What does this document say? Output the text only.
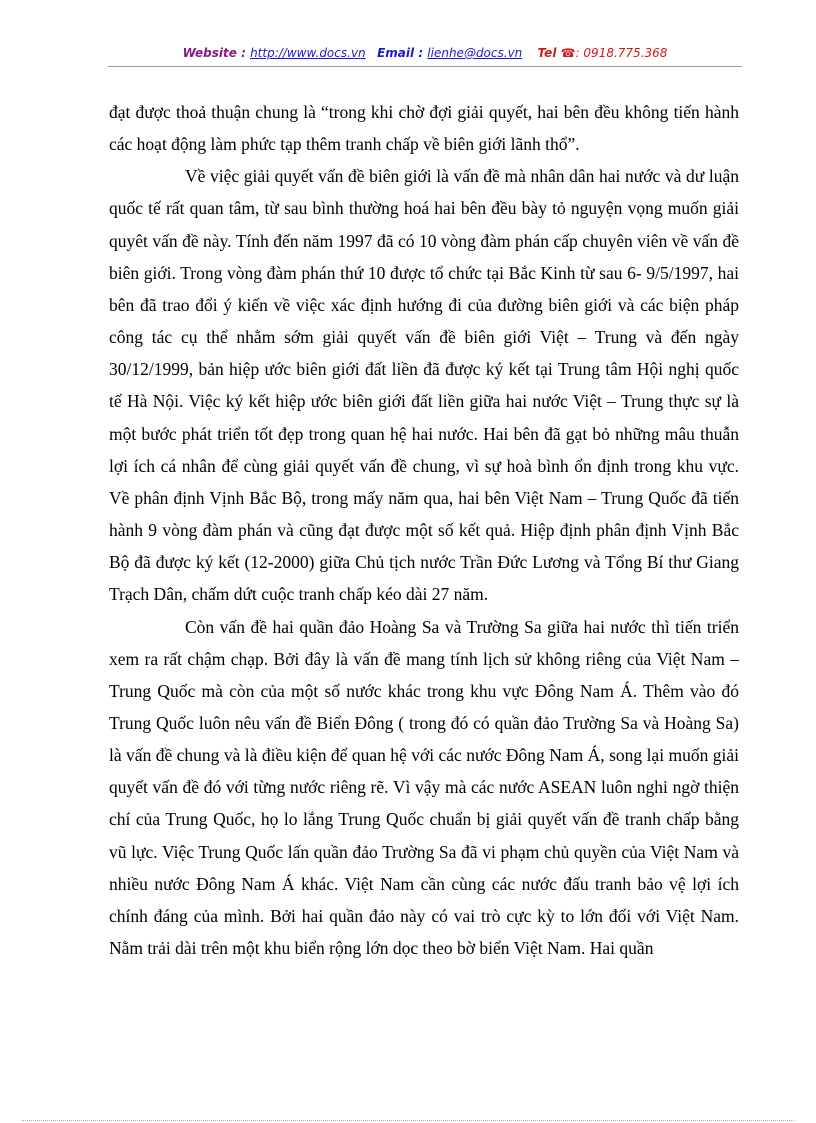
Website : http://www.docs.vn Email : lienhe@docs.vn Tel ☎: 0918.775.368

đạt được thoả thuận chung là “trong khi chờ đợi giải quyết, hai bên đều không tiến hành các hoạt động làm phức tạp thêm tranh chấp về biên giới lãnh thổ”.

Về việc giải quyết vấn đề biên giới là vấn đề mà nhân dân hai nước và dư luận quốc tế rất quan tâm, từ sau bình thường hoá hai bên đều bày tỏ nguyện vọng muốn giải quyêt vấn đề này. Tính đến năm 1997 đã có 10 vòng đàm phán cấp chuyên viên về vấn đề biên giới. Trong vòng đàm phán thứ 10 được tổ chức tại Bắc Kinh từ sau 6- 9/5/1997, hai bên đã trao đổi ý kiến về việc xác định hướng đi của đường biên giới và các biện pháp công tác cụ thể nhằm sớm giải quyết vấn đề biên giới Việt – Trung và đến ngày 30/12/1999, bản hiệp ước biên giới đất liền đã được ký kết tại Trung tâm Hội nghị quốc tế Hà Nội. Việc ký kết hiệp ước biên giới đất liền giữa hai nước Việt – Trung thực sự là một bước phát triển tốt đẹp trong quan hệ hai nước. Hai bên đã gạt bỏ những mâu thuẫn lợi ích cá nhân để cùng giải quyết vấn đề chung, vì sự hoà bình ổn định trong khu vực. Về phân định Vịnh Bắc Bộ, trong mấy năm qua, hai bên Việt Nam – Trung Quốc đã tiến hành 9 vòng đàm phán và cũng đạt được một số kết quả. Hiệp định phân định Vịnh Bắc Bộ đã được ký kết (12-2000) giữa Chủ tịch nước Trần Đức Lương và Tổng Bí thư Giang Trạch Dân, chấm dứt cuộc tranh chấp kéo dài 27 năm.

Còn vấn đề hai quần đảo Hoàng Sa và Trường Sa giữa hai nước thì tiến triển xem ra rất chậm chạp. Bởi đây là vấn đề mang tính lịch sử không riêng của Việt Nam – Trung Quốc mà còn của một số nước khác trong khu vực Đông Nam Á. Thêm vào đó Trung Quốc luôn nêu vấn đề Biển Đông ( trong đó có quần đảo Trường Sa và Hoàng Sa) là vấn đề chung và là điều kiện để quan hệ với các nước Đông Nam Á, song lại muốn giải quyết vấn đề đó với từng nước riêng rẽ. Vì vậy mà các nước ASEAN luôn nghi ngờ thiện chí của Trung Quốc, họ lo lắng Trung Quốc chuẩn bị giải quyết vấn đề tranh chấp bằng vũ lực. Việc Trung Quốc lấn quần đảo Trường Sa đã vi phạm chủ quyền của Việt Nam và nhiều nước Đông Nam Á khác. Việt Nam cần cùng các nước đấu tranh bảo vệ lợi ích chính đáng của mình. Bởi hai quần đảo này có vai trò cực kỳ to lớn đối với Việt Nam. Nằm trải dài trên một khu biển rộng lớn dọc theo bờ biển Việt Nam. Hai quần
